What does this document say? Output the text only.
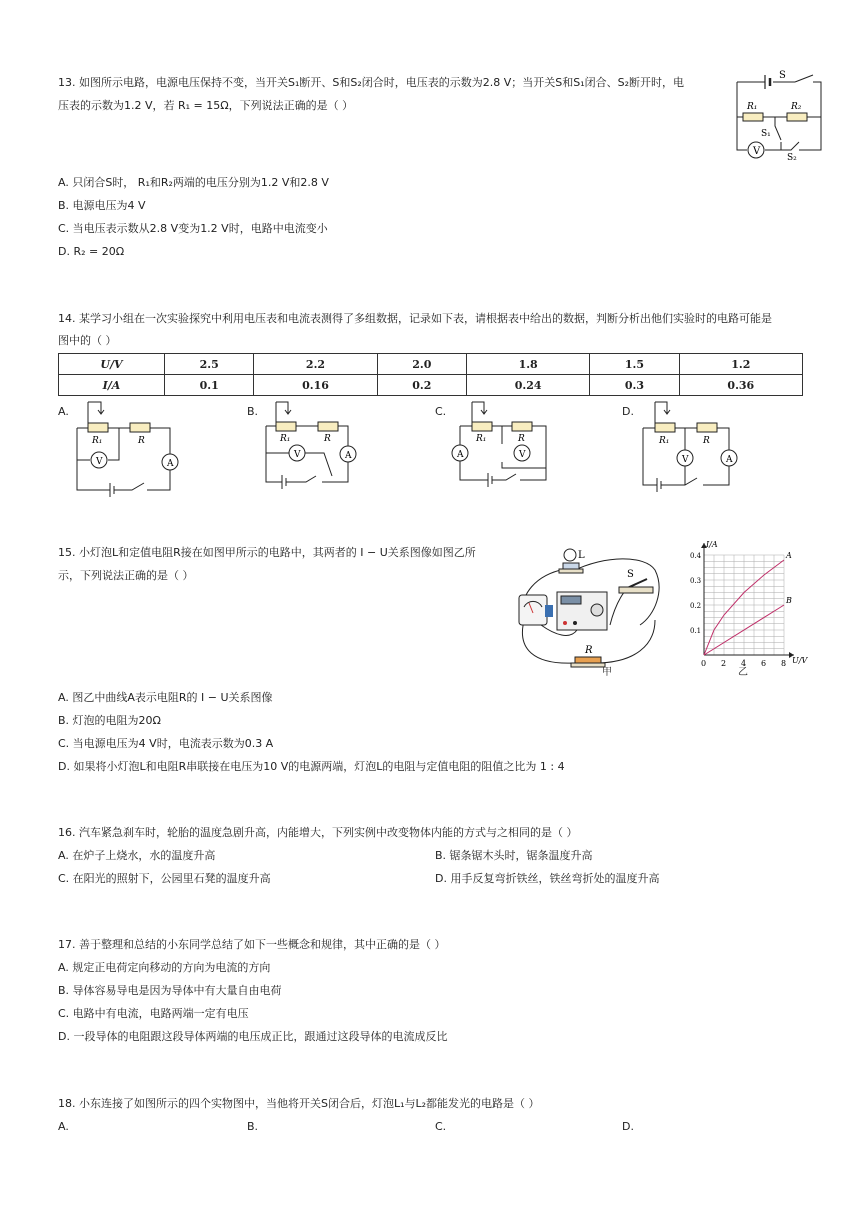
13. 如图所示电路，电源电压保持不变，当开关S₁断开、S和S₂闭合时，电压表的示数为2.8 V；当开关S和S₁闭合、S₂断开时，电
压表的示数为1.2 V，若 R₁ = 15Ω，下列说法正确的是（ ）
V
S
R₁	R₂
S₁
S₂
A. 只闭合S时， R₁和R₂两端的电压分别为1.2 V和2.8 V
B. 电源电压为4 V
C. 当电压表示数从2.8 V变为1.2 V时，电路中电流变小
D. R₂ = 20Ω
14. 某学习小组在一次实验探究中利用电压表和电流表测得了多组数据，记录如下表，请根据表中给出的数据，判断分析出他们实验时的电路可能是
图中的（ ）
U/V	2.5	2.2	2.0	1.8	1.5	1.2
I/A	0.1	0.16	0.2	0.24	0.3	0.36
A.
V	A
R₁	R
B.
V	A
R₁	R
C.
A	V
R₁	R
D.
V	A
R₁	R
15. 小灯泡L和定值电阻R接在如图甲所示的电路中，其两者的 I − U关系图像如图乙所
示，下列说法正确的是（ ）
L
S
R
甲
0 2 4 6 8
0.1
0.2
0.3
0.4
U/V
I/A
A
B
乙
A. 图乙中曲线A表示电阻R的 I − U关系图像
B. 灯泡的电阻为20Ω
C. 当电源电压为4 V时，电流表示数为0.3 A
D. 如果将小灯泡L和电阻R串联接在电压为10 V的电源两端，灯泡L的电阻与定值电阻的阻值之比为 1 : 4
16. 汽车紧急刹车时，轮胎的温度急剧升高，内能增大，下列实例中改变物体内能的方式与之相同的是（ ）
A. 在炉子上烧水，水的温度升高	B. 锯条锯木头时，锯条温度升高
C. 在阳光的照射下，公园里石凳的温度升高	D. 用手反复弯折铁丝，铁丝弯折处的温度升高
17. 善于整理和总结的小东同学总结了如下一些概念和规律，其中正确的是（ ）
A. 规定正电荷定向移动的方向为电流的方向
B. 导体容易导电是因为导体中有大量自由电荷
C. 电路中有电流，电路两端一定有电压
D. 一段导体的电阻跟这段导体两端的电压成正比，跟通过这段导体的电流成反比
18. 小东连接了如图所示的四个实物图中，当他将开关S闭合后，灯泡L₁与L₂都能发光的电路是（ ）
A.	B.	C.	D.
